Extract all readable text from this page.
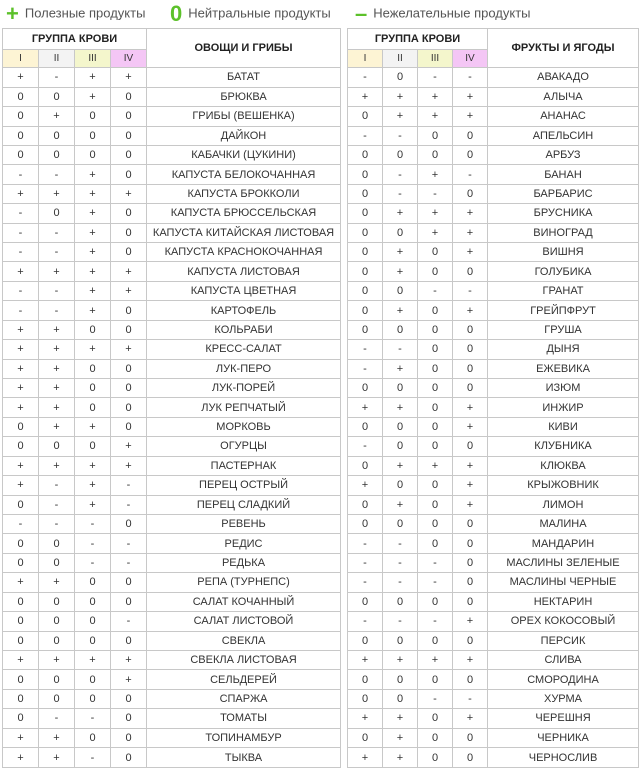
+ Полезные продукты 0 Нейтральные продукты – Нежелательные продукты
ГРУППА КРОВИ				ОВОЩИ И ГРИБЫ
I	II	III	IV	
+	-	+	+	БАТАТ
0	0	+	0	БРЮКВА
0	+	0	0	ГРИБЫ (ВЕШЕНКА)
0	0	0	0	ДАЙКОН
0	0	0	0	КАБАЧКИ (ЦУКИНИ)
-	-	+	0	КАПУСТА БЕЛОКОЧАННАЯ
+	+	+	+	КАПУСТА БРОККОЛИ
-	0	+	0	КАПУСТА БРЮССЕЛЬСКАЯ
-	-	+	0	КАПУСТА КИТАЙСКАЯ ЛИСТОВАЯ
-	-	+	0	КАПУСТА КРАСНОКОЧАННАЯ
+	+	+	+	КАПУСТА ЛИСТОВАЯ
-	-	+	+	КАПУСТА ЦВЕТНАЯ
-	-	+	0	КАРТОФЕЛЬ
+	+	0	0	КОЛЬРАБИ
+	+	+	+	КРЕСС-САЛАТ
+	+	0	0	ЛУК-ПЕРО
+	+	0	0	ЛУК-ПОРЕЙ
+	+	0	0	ЛУК РЕПЧАТЫЙ
0	+	+	0	МОРКОВЬ
0	0	0	+	ОГУРЦЫ
+	+	+	+	ПАСТЕРНАК
+	-	+	-	ПЕРЕЦ ОСТРЫЙ
0	-	+	-	ПЕРЕЦ СЛАДКИЙ
-	-	-	0	РЕВЕНЬ
0	0	-	-	РЕДИС
0	0	-	-	РЕДЬКА
+	+	0	0	РЕПА (ТУРНЕПС)
0	0	0	0	САЛАТ КОЧАННЫЙ
0	0	0	-	САЛАТ ЛИСТОВОЙ
0	0	0	0	СВЕКЛА
+	+	+	+	СВЕКЛА ЛИСТОВАЯ
0	0	0	+	СЕЛЬДЕРЕЙ
0	0	0	0	СПАРЖА
0	-	-	0	ТОМАТЫ
+	+	0	0	ТОПИНАМБУР
+	+	-	0	ТЫКВА
ГРУППА КРОВИ				ФРУКТЫ И ЯГОДЫ
I	II	III	IV	
-	0	-	-	АВАКАДО
+	+	+	+	АЛЫЧА
0	+	+	+	АНАНАС
-	-	0	0	АПЕЛЬСИН
0	0	0	0	АРБУЗ
0	-	+	-	БАНАН
0	-	-	0	БАРБАРИС
0	+	+	+	БРУСНИКА
0	0	+	+	ВИНОГРАД
0	+	0	+	ВИШНЯ
0	+	0	0	ГОЛУБИКА
0	0	-	-	ГРАНАТ
0	+	0	+	ГРЕЙПФРУТ
0	0	0	0	ГРУША
-	-	0	0	ДЫНЯ
-	+	0	0	ЕЖЕВИКА
0	0	0	0	ИЗЮМ
+	+	0	+	ИНЖИР
0	0	0	+	КИВИ
-	0	0	0	КЛУБНИКА
0	+	+	+	КЛЮКВА
+	0	0	+	КРЫЖОВНИК
0	+	0	+	ЛИМОН
0	0	0	0	МАЛИНА
-	-	0	0	МАНДАРИН
-	-	-	0	МАСЛИНЫ ЗЕЛЕНЫЕ
-	-	-	0	МАСЛИНЫ ЧЕРНЫЕ
0	0	0	0	НЕКТАРИН
-	-	-	+	ОРЕХ КОКОСОВЫЙ
0	0	0	0	ПЕРСИК
+	+	+	+	СЛИВА
0	0	0	0	СМОРОДИНА
0	0	-	-	ХУРМА
+	+	0	+	ЧЕРЕШНЯ
0	+	0	0	ЧЕРНИКА
+	+	0	0	ЧЕРНОСЛИВ
